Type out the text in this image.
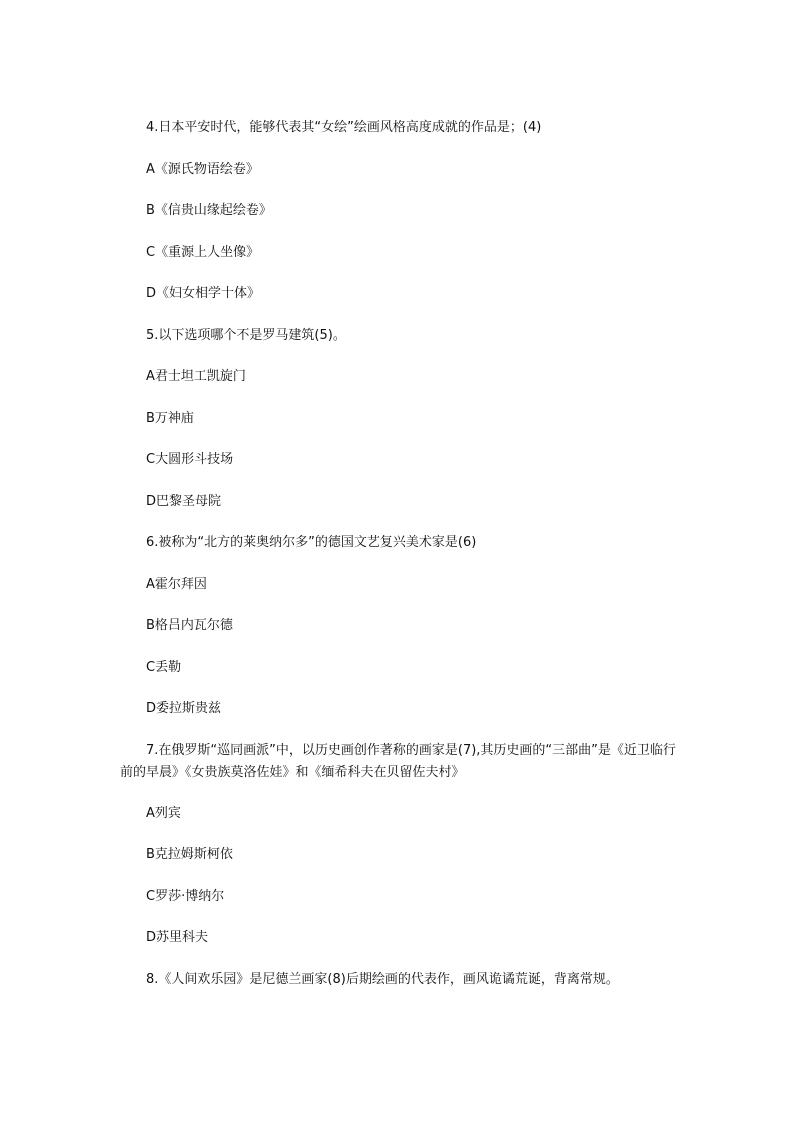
4.日本平安时代，能够代表其“女绘”绘画风格高度成就的作品是；(4)

A《源氏物语绘卷》

B《信贵山缘起绘卷》

C《重源上人坐像》

D《妇女相学十体》

5.以下选项哪个不是罗马建筑(5)。

A君士坦工凯旋门

B万神庙

C大圆形斗技场

D巴黎圣母院

6.被称为“北方的莱奥纳尔多”的德国文艺复兴美术家是(6)

A霍尔拜因

B格吕内瓦尔德

C丢勒

D委拉斯贵兹

7.在俄罗斯“巡同画派”中，以历史画创作著称的画家是(7),其历史画的“三部曲”是《近卫临行前的早晨》《女贵族莫洛佐娃》和《缅希科夫在贝留佐夫村》

A列宾

B克拉姆斯柯依

C罗莎·博纳尔

D苏里科夫

8.《人间欢乐园》是尼德兰画家(8)后期绘画的代表作，画风诡谲荒诞，背离常规。
